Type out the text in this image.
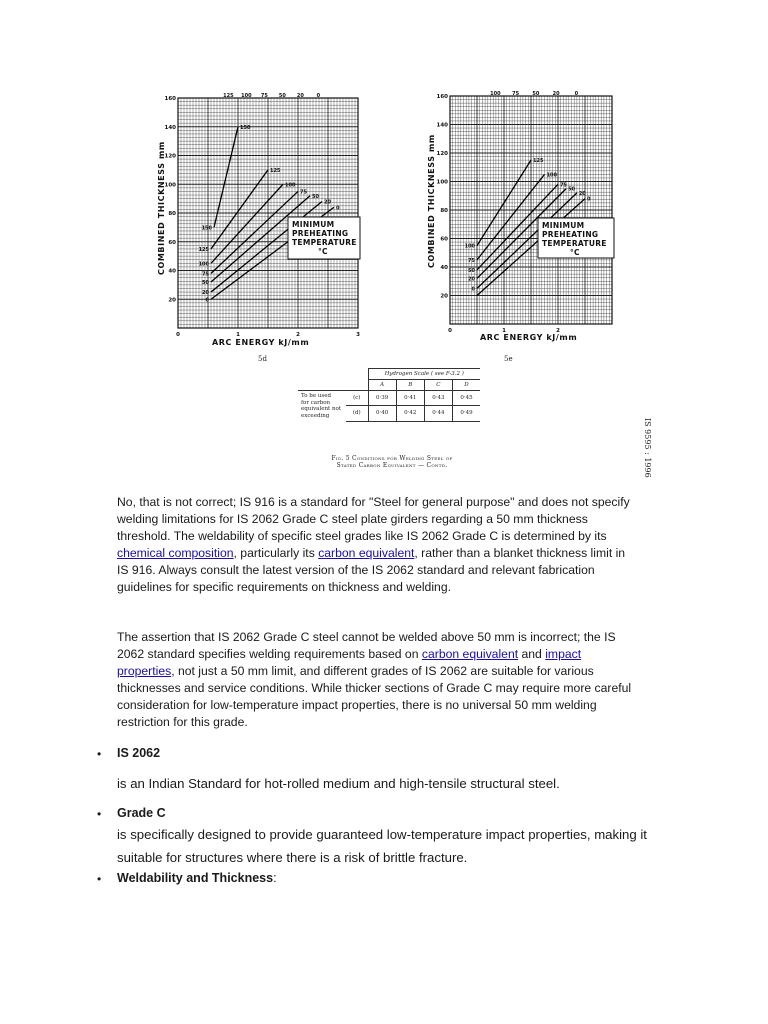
20
40
60
80
100
120
140
160
0	1	2	3
125 100 75 50 20	0
150
125
100
75
50
20
0
150
125
100
75
50
20
0
MINIMUM
PREHEATING
TEMPERATURE
°C
COMBINED THICKNESS mm
ARC ENERGY kJ/mm
5d
20
40
60
80
100
120
140
160
0	1	2
100 75	50	20	0
125
100
75
50
20
0
100
75
50
20
0
MINIMUM
PREHEATING
TEMPERATURE
°C
COMBINED THICKNESS mm
ARC ENERGY kJ/mm
5e
		Hydrogen Scale ( see F-3.2 )			
		A	B	C	D
To be used
for carbon
equivalent not
exceeding	(c)	0·39	0·41	0·43	0·45
	(d)	0·40	0·42	0·44	0·49
Fig. 5 Conditions for Welding Steel of
Stated Carbon Equivalent — Contd.	IS 9595 : 1996

No, that is not correct; IS 916 is a standard for "Steel for general purpose" and does not specify welding limitations for IS 2062 Grade C steel plate girders regarding a 50 mm thickness threshold. The weldability of specific steel grades like IS 2062 Grade C is determined by its chemical composition, particularly its carbon equivalent, rather than a blanket thickness limit in IS 916. Always consult the latest version of the IS 2062 standard and relevant fabrication guidelines for specific requirements on thickness and welding.

The assertion that IS 2062 Grade C steel cannot be welded above 50 mm is incorrect; the IS 2062 standard specifies welding requirements based on carbon equivalent and impact properties, not just a 50 mm limit, and different grades of IS 2062 are suitable for various thicknesses and service conditions. While thicker sections of Grade C may require more careful consideration for low-temperature impact properties, there is no universal 50 mm welding restriction for this grade.

• IS 2062
is an Indian Standard for hot-rolled medium and high-tensile structural steel.
• Grade C
is specifically designed to provide guaranteed low-temperature impact properties, making it suitable for structures where there is a risk of brittle fracture.
• Weldability and Thickness:
